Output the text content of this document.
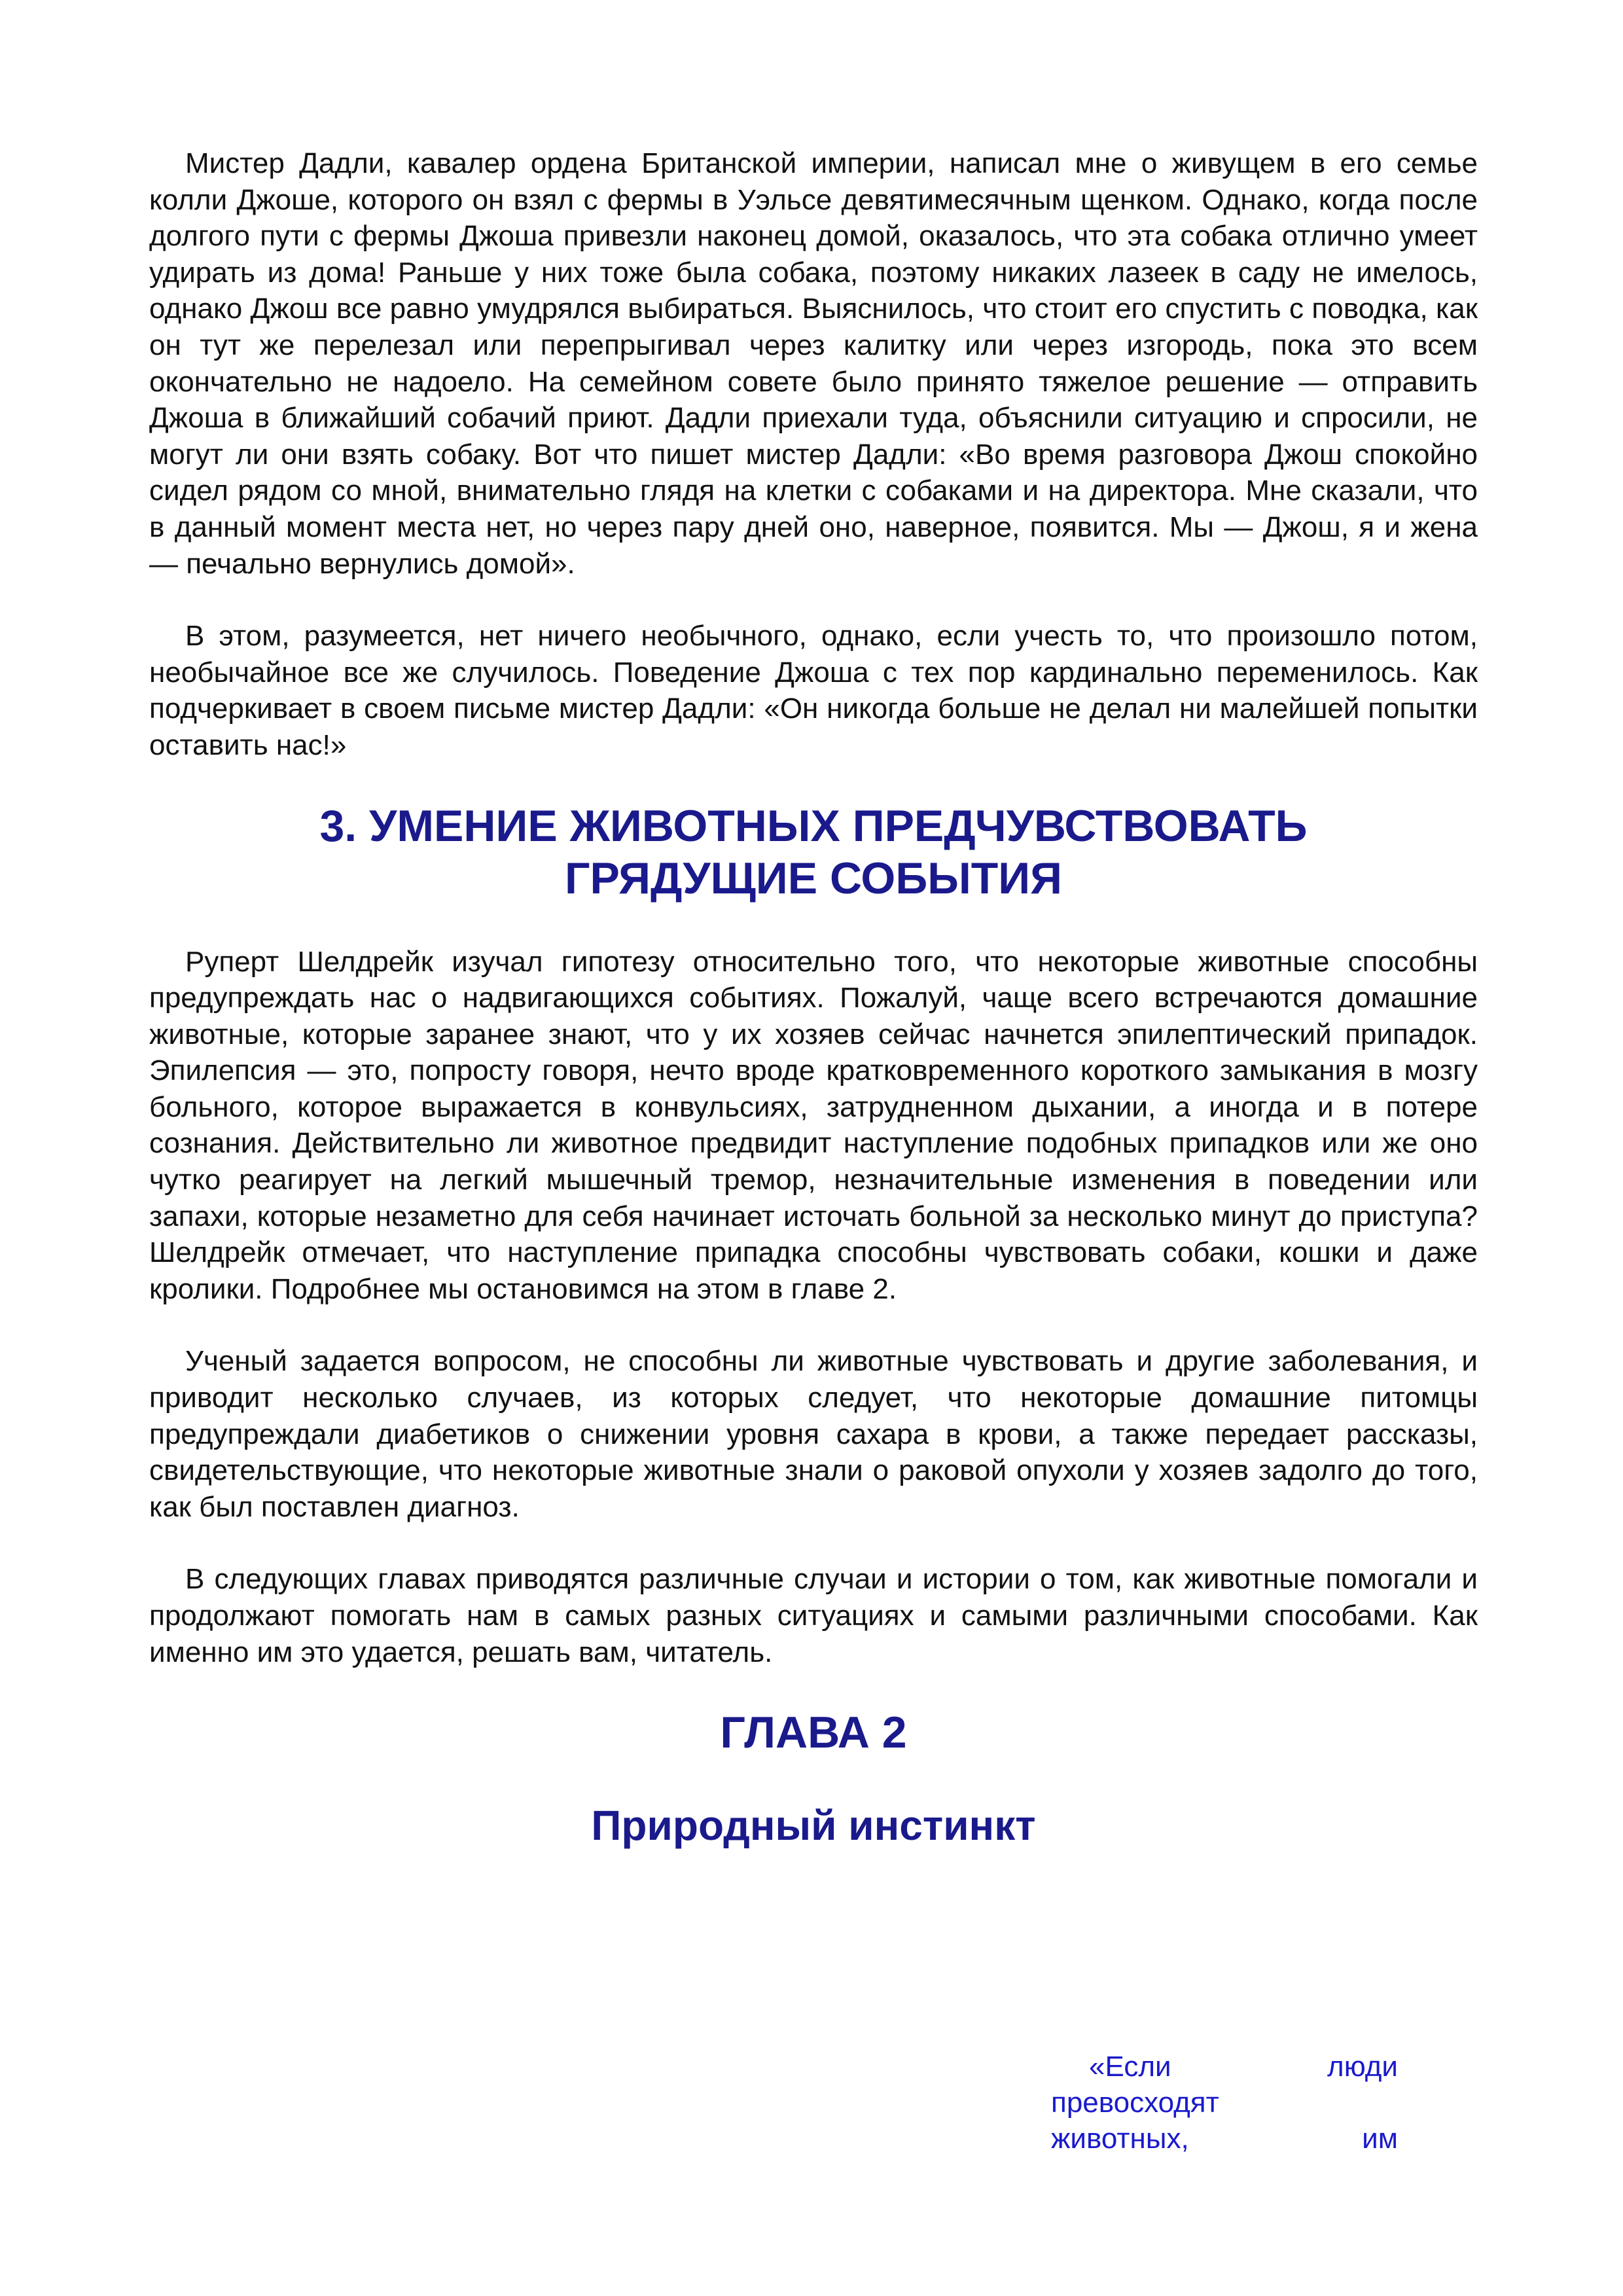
Мистер Дадли, кавалер ордена Британской империи, написал мне о живущем в его семье колли Джоше, которого он взял с фермы в Уэльсе девятимесячным щенком. Однако, когда после долгого пути с фермы Джоша привезли наконец домой, оказалось, что эта собака отлично умеет удирать из дома! Раньше у них тоже была собака, поэтому никаких лазеек в саду не имелось, однако Джош все равно умудрялся выбираться. Выяснилось, что стоит его спустить с поводка, как он тут же перелезал или перепрыгивал через калитку или через изгородь, пока это всем окончательно не надоело. На семейном совете было принято тяжелое решение — отправить Джоша в ближайший собачий приют. Дадли приехали туда, объяснили ситуацию и спросили, не могут ли они взять собаку. Вот что пишет мистер Дадли: «Во время разговора Джош спокойно сидел рядом со мной, внимательно глядя на клетки с собаками и на директора. Мне сказали, что в данный момент места нет, но через пару дней оно, наверное, появится. Мы — Джош, я и жена — печально вернулись домой».

В этом, разумеется, нет ничего необычного, однако, если учесть то, что произошло потом, необычайное все же случилось. Поведение Джоша с тех пор кардинально переменилось. Как подчеркивает в своем письме мистер Дадли: «Он никогда больше не делал ни малейшей попытки оставить нас!»

3. УМЕНИЕ ЖИВОТНЫХ ПРЕДЧУВСТВОВАТЬ
ГРЯДУЩИЕ СОБЫТИЯ

Руперт Шелдрейк изучал гипотезу относительно того, что некоторые животные способны предупреждать нас о надвигающихся событиях. Пожалуй, чаще всего встречаются домашние животные, которые заранее знают, что у их хозяев сейчас начнется эпилептический припадок. Эпилепсия — это, попросту говоря, нечто вроде кратковременного короткого замыкания в мозгу больного, которое выражается в конвульсиях, затрудненном дыхании, а иногда и в потере сознания. Действительно ли животное предвидит наступление подобных припадков или же оно чутко реагирует на легкий мышечный тремор, незначительные изменения в поведении или запахи, которые незаметно для себя начинает источать больной за несколько минут до приступа? Шелдрейк отмечает, что наступление припадка способны чувствовать собаки, кошки и даже кролики. Подробнее мы остановимся на этом в главе 2.

Ученый задается вопросом, не способны ли животные чувствовать и другие заболевания, и приводит несколько случаев, из которых следует, что некоторые домашние питомцы предупреждали диабетиков о снижении уровня сахара в крови, а также передает рассказы, свидетельствующие, что некоторые животные знали о раковой опухоли у хозяев задолго до того, как был поставлен диагноз.

В следующих главах приводятся различные случаи и истории о том, как животные помогали и продолжают помогать нам в самых разных ситуациях и самыми различными способами. Как именно им это удается, решать вам, читатель.

ГЛАВА 2
Природный инстинкт
«Если	люди
превосходят
животных,	им
